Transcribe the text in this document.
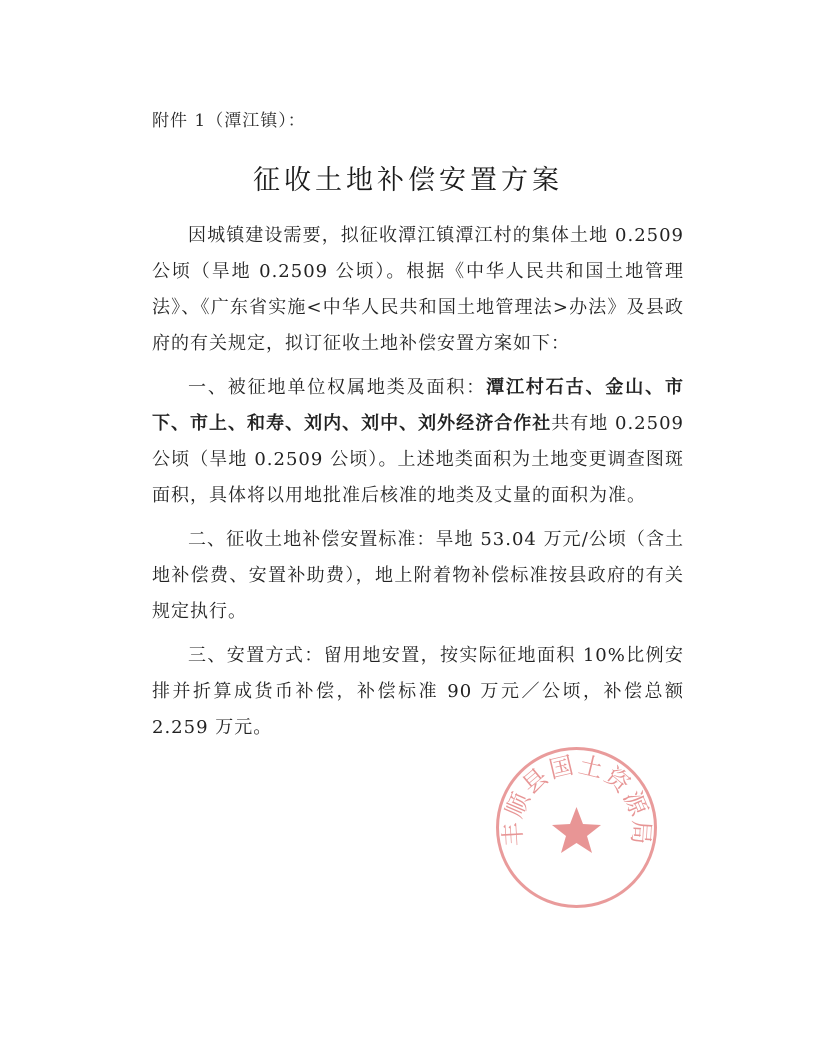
附件 1（潭江镇）：
征收土地补偿安置方案

因城镇建设需要，拟征收潭江镇潭江村的集体土地 0.2509 公顷（旱地 0.2509 公顷）。根据《中华人民共和国土地管理法》、《广东省实施<中华人民共和国土地管理法>办法》及县政府的有关规定，拟订征收土地补偿安置方案如下：

一、被征地单位权属地类及面积：潭江村石古、金山、市下、市上、和寿、刘内、刘中、刘外经济合作社共有地 0.2509 公顷（旱地 0.2509 公顷）。上述地类面积为土地变更调查图斑面积，具体将以用地批准后核准的地类及丈量的面积为准。

二、征收土地补偿安置标准：旱地 53.04 万元/公顷（含土地补偿费、安置补助费），地上附着物补偿标准按县政府的有关规定执行。

三、安置方式：留用地安置，按实际征地面积 10%比例安排并折算成货币补偿，补偿标准 90 万元／公顷，补偿总额 2.259 万元。

丰顺县国土资源局
